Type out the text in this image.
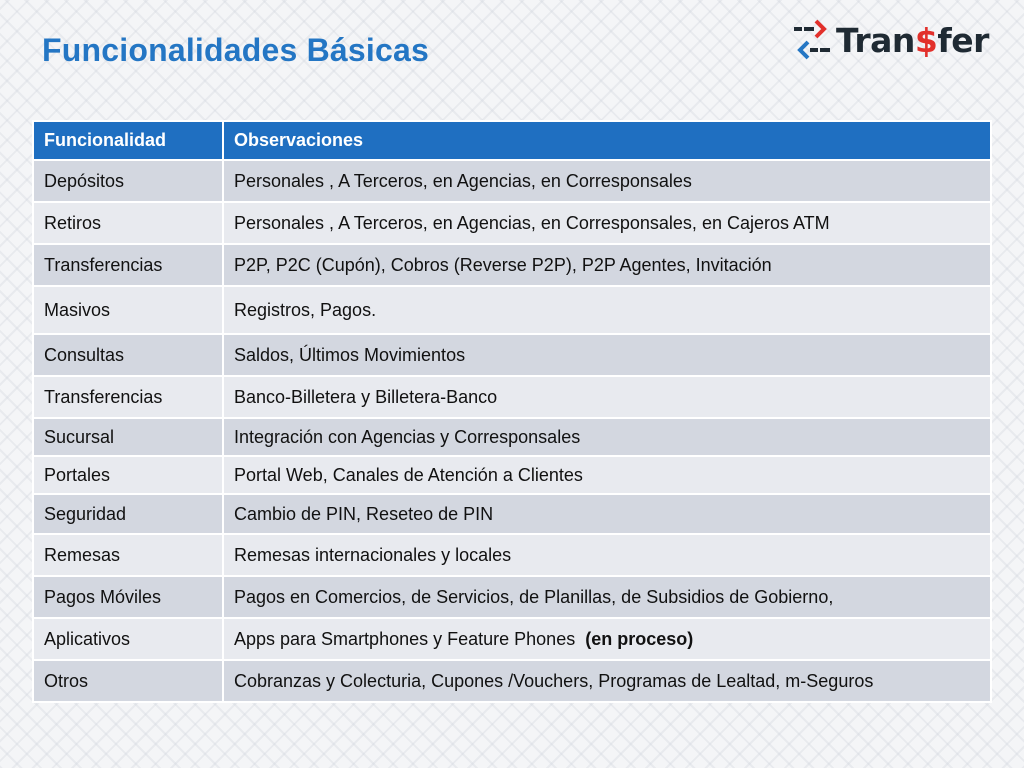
Funcionalidades Básicas	Tran$fer
Funcionalidad	Observaciones
Depósitos	Personales , A Terceros, en Agencias, en Corresponsales
Retiros	Personales , A Terceros, en Agencias, en Corresponsales, en Cajeros ATM
Transferencias	P2P, P2C (Cupón), Cobros (Reverse P2P), P2P Agentes, Invitación
Masivos	Registros, Pagos.
Consultas	Saldos, Últimos Movimientos
Transferencias	Banco-Billetera y Billetera-Banco
Sucursal	Integración con Agencias y Corresponsales
Portales	Portal Web, Canales de Atención a Clientes
Seguridad	Cambio de PIN, Reseteo de PIN
Remesas	Remesas internacionales y locales
Pagos Móviles	Pagos en Comercios, de Servicios, de Planillas, de Subsidios de Gobierno,
Aplicativos	Apps para Smartphones y Feature Phones  (en proceso)
Otros	Cobranzas y Colecturia, Cupones /Vouchers, Programas de Lealtad, m-Seguros
